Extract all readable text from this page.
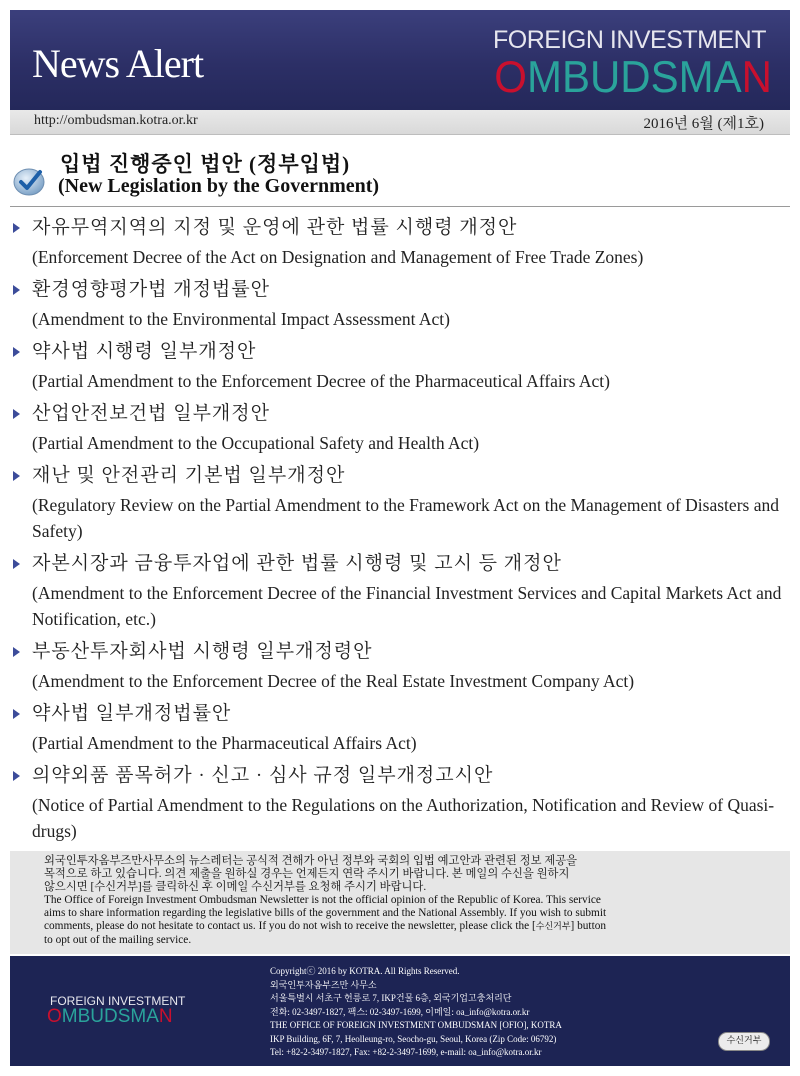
News Alert
FOREIGN INVESTMENT
OMBUDSMAN
http://ombudsman.kotra.or.kr	2016년 6월 (제1호)
입법 진행중인 법안 (정부입법)
(New Legislation by the Government)
자유무역지역의 지정 및 운영에 관한 법률 시행령 개정안
(Enforcement Decree of the Act on Designation and Management of Free Trade Zones)
환경영향평가법 개정법률안
(Amendment to the Environmental Impact Assessment Act)
약사법 시행령 일부개정안
(Partial Amendment to the Enforcement Decree of the Pharmaceutical Affairs Act)
산업안전보건법 일부개정안
(Partial Amendment to the Occupational Safety and Health Act)
재난 및 안전관리 기본법 일부개정안
(Regulatory Review on the Partial Amendment to the Framework Act on the Management of Disasters and Safety)
자본시장과 금융투자업에 관한 법률 시행령 및 고시 등 개정안
(Amendment to the Enforcement Decree of the Financial Investment Services and Capital Markets Act and Notification, etc.)
부동산투자회사법 시행령 일부개정령안
(Amendment to the Enforcement Decree of the Real Estate Investment Company Act)
약사법 일부개정법률안
(Partial Amendment to the Pharmaceutical Affairs Act)
의약외품 품목허가 · 신고 · 심사 규정 일부개정고시안
(Notice of Partial Amendment to the Regulations on the Authorization, Notification and Review of Quasi-drugs)
외국인투자옴부즈만사무소의 뉴스레터는 공식적 견해가 아닌 정부와 국회의 입법 예고안과 관련된 정보 제공을
목적으로 하고 있습니다. 의견 제출을 원하실 경우는 언제든지 연락 주시기 바랍니다. 본 메일의 수신을 원하지
않으시면 [수신거부]를 클릭하신 후 이메일 수신거부를 요청해 주시기 바랍니다.
The Office of Foreign Investment Ombudsman Newsletter is not the official opinion of the Republic of Korea. This service
aims to share information regarding the legislative bills of the government and the National Assembly. If you wish to submit
comments, please do not hesitate to contact us. If you do not wish to receive the newsletter, please click the [수신거부] button
to opt out of the mailing service.
FOREIGN INVESTMENT
OMBUDSMAN
Copyrightⓒ 2016 by KOTRA. All Rights Reserved.
외국인투자옴부즈만 사무소
서울특별시 서초구 헌릉로 7, IKP건물 6층, 외국기업고충처리단
전화: 02-3497-1827, 팩스: 02-3497-1699, 이메일: oa_info@kotra.or.kr
THE OFFICE OF FOREIGN INVESTMENT OMBUDSMAN [OFIO], KOTRA
IKP Building, 6F, 7, Heolleung-ro, Seocho-gu, Seoul, Korea (Zip Code: 06792)
Tel: +82-2-3497-1827, Fax: +82-2-3497-1699, e-mail: oa_info@kotra.or.kr
수신거부
